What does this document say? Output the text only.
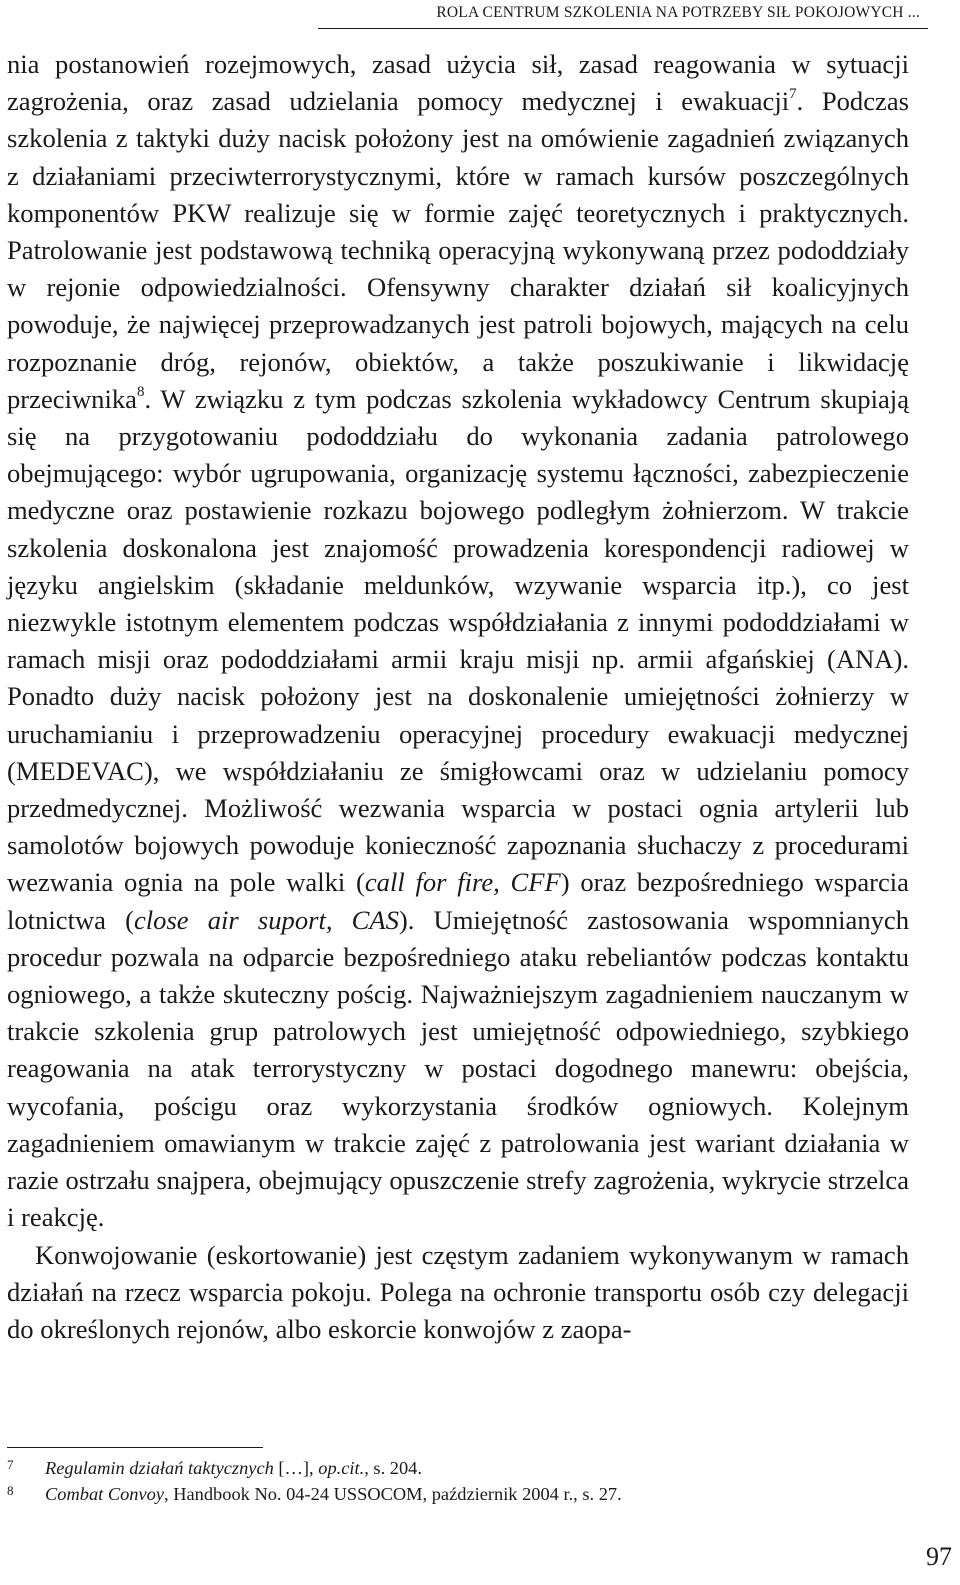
ROLA CENTRUM SZKOLENIA NA POTRZEBY SIŁ POKOJOWYCH ...

nia postanowień rozejmowych, zasad użycia sił, zasad reagowania w sytuacji zagrożenia, oraz zasad udzielania pomocy medycznej i ewakuacji$^7$. Podczas szkolenia z taktyki duży nacisk położony jest na omówienie zagadnień związanych z działaniami przeciwterrorystycznymi, które w ramach kursów poszczególnych komponentów PKW realizuje się w formie zajęć teoretycznych i praktycznych. Patrolowanie jest podstawową techniką operacyjną wykonywaną przez pododdziały w rejonie odpowiedzialności. Ofensywny charakter działań sił koalicyjnych powoduje, że najwięcej przeprowadzanych jest patroli bojowych, mających na celu rozpoznanie dróg, rejonów, obiektów, a także poszukiwanie i likwidację przeciwnika$^8$. W związku z tym podczas szkolenia wykładowcy Centrum skupiają się na przygotowaniu pododdziału do wykonania zadania patrolowego obejmującego: wybór ugrupowania, organizację systemu łączności, zabezpieczenie medyczne oraz postawienie rozkazu bojowego podległym żołnierzom. W trakcie szkolenia doskonalona jest znajomość prowadzenia korespondencji radiowej w języku angielskim (składanie meldunków, wzywanie wsparcia itp.), co jest niezwykle istotnym elementem podczas współdziałania z innymi pododdziałami w ramach misji oraz pododdziałami armii kraju misji np. armii afgańskiej (ANA). Ponadto duży nacisk położony jest na doskonalenie umiejętności żołnierzy w uruchamianiu i przeprowadzeniu operacyjnej procedury ewakuacji medycznej (MEDEVAC), we współdziałaniu ze śmigłowcami oraz w udzielaniu pomocy przedmedycznej. Możliwość wezwania wsparcia w postaci ognia artylerii lub samolotów bojowych powoduje konieczność zapoznania słuchaczy z procedurami wezwania ognia na pole walki (call for fire, CFF) oraz bezpośredniego wsparcia lotnictwa (close air suport, CAS). Umiejętność zastosowania wspomnianych procedur pozwala na odparcie bezpośredniego ataku rebeliantów podczas kontaktu ogniowego, a także skuteczny pościg. Najważniejszym zagadnieniem nauczanym w trakcie szkolenia grup patrolowych jest umiejętność odpowiedniego, szybkiego reagowania na atak terrorystyczny w postaci dogodnego manewru: obejścia, wycofania, pościgu oraz wykorzystania środków ogniowych. Kolejnym zagadnieniem omawianym w trakcie zajęć z patrolowania jest wariant działania w razie ostrzału snajpera, obejmujący opuszczenie strefy zagrożenia, wykrycie strzelca i reakcję.

Konwojowanie (eskortowanie) jest częstym zadaniem wykonywanym w ramach działań na rzecz wsparcia pokoju. Polega na ochronie transportu osób czy delegacji do określonych rejonów, albo eskorcie konwojów z zaopa-

7	Regulamin działań taktycznych […], op.cit., s. 204.
8	Combat Convoy, Handbook No. 04-24 USSOCOM, październik 2004 r., s. 27.
97
